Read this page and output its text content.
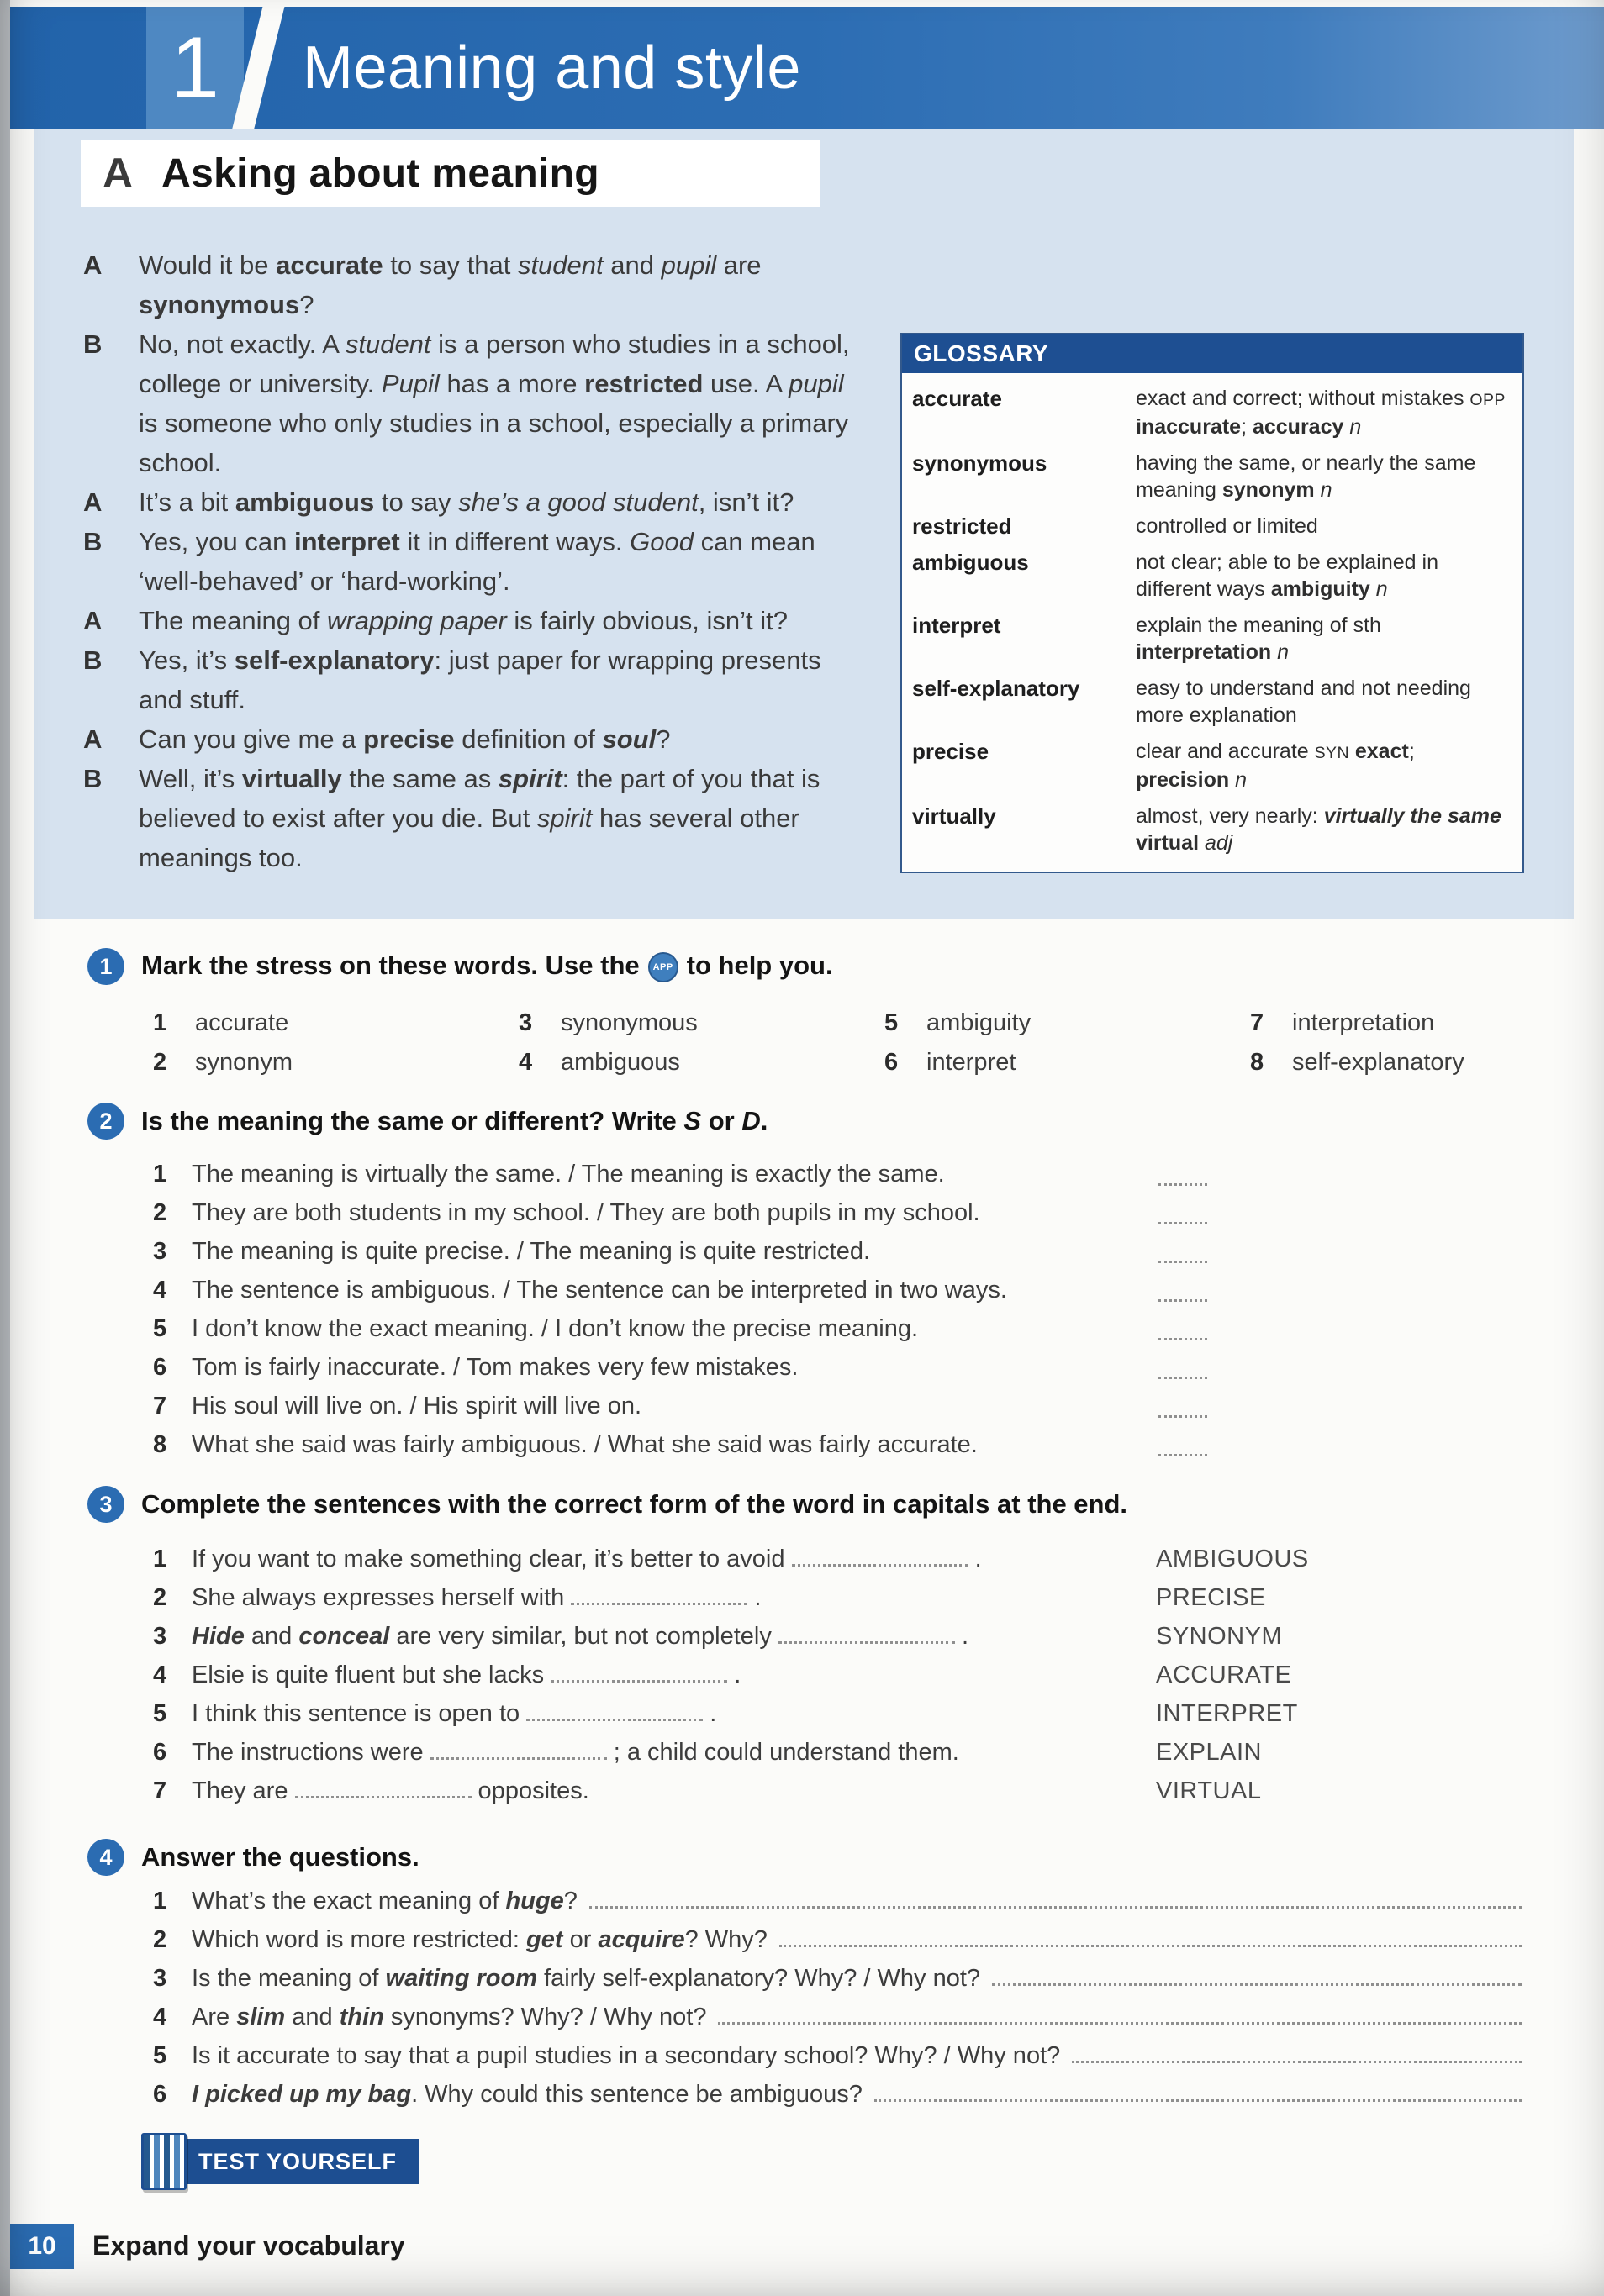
1	Meaning and style
A Asking about meaning
A	Would it be accurate to say that student and pupil are synonymous?
B	No, not exactly. A student is a person who studies in a school, college or university. Pupil has a more restricted use. A pupil is someone who only studies in a school, especially a primary school.
A	It’s a bit ambiguous to say she’s a good student, isn’t it?
B	Yes, you can interpret it in different ways. Good can mean ‘well-behaved’ or ‘hard-working’.
A	The meaning of wrapping paper is fairly obvious, isn’t it?
B	Yes, it’s self-explanatory: just paper for wrapping presents and stuff.
A	Can you give me a precise definition of soul?
B	Well, it’s virtually the same as spirit: the part of you that is believed to exist after you die. But spirit has several other meanings too.
GLOSSARY
accurate	exact and correct; without mistakes OPP inaccurate; accuracy n
synonymous	having the same, or nearly the same meaning synonym n
restricted	controlled or limited
ambiguous	not clear; able to be explained in different ways ambiguity n
interpret	explain the meaning of sth interpretation n
self-explanatory	easy to understand and not needing more explanation
precise	clear and accurate SYN exact; precision n
virtually	almost, very nearly: virtually the same virtual adj
1	Mark the stress on these words. Use the APP to help you.
1 accurate
2 synonym
3 synonymous
4 ambiguous
5 ambiguity
6 interpret
7 interpretation
8 self-explanatory
2	Is the meaning the same or different? Write S or D.
1 The meaning is virtually the same. / The meaning is exactly the same.
2 They are both students in my school. / They are both pupils in my school.
3 The meaning is quite precise. / The meaning is quite restricted.
4 The sentence is ambiguous. / The sentence can be interpreted in two ways.
5 I don’t know the exact meaning. / I don’t know the precise meaning.
6 Tom is fairly inaccurate. / Tom makes very few mistakes.
7 His soul will live on. / His spirit will live on.
8 What she said was fairly ambiguous. / What she said was fairly accurate.
3	Complete the sentences with the correct form of the word in capitals at the end.
1 If you want to make something clear, it’s better to avoid	.	AMBIGUOUS
2 She always expresses herself with	.	PRECISE
3 Hide and conceal are very similar, but not completely	.	SYNONYM
4 Elsie is quite fluent but she lacks	.	ACCURATE
5 I think this sentence is open to	.	INTERPRET
6 The instructions were	; a child could understand them.	EXPLAIN
7 They are	opposites.	VIRTUAL
4	Answer the questions.
1	What’s the exact meaning of huge?
2	Which word is more restricted: get or acquire? Why?
3	Is the meaning of waiting room fairly self-explanatory? Why? / Why not?
4	Are slim and thin synonyms? Why? / Why not?
5	Is it accurate to say that a pupil studies in a secondary school? Why? / Why not?
6	I picked up my bag. Why could this sentence be ambiguous?
TEST YOURSELF
10	Expand your vocabulary
